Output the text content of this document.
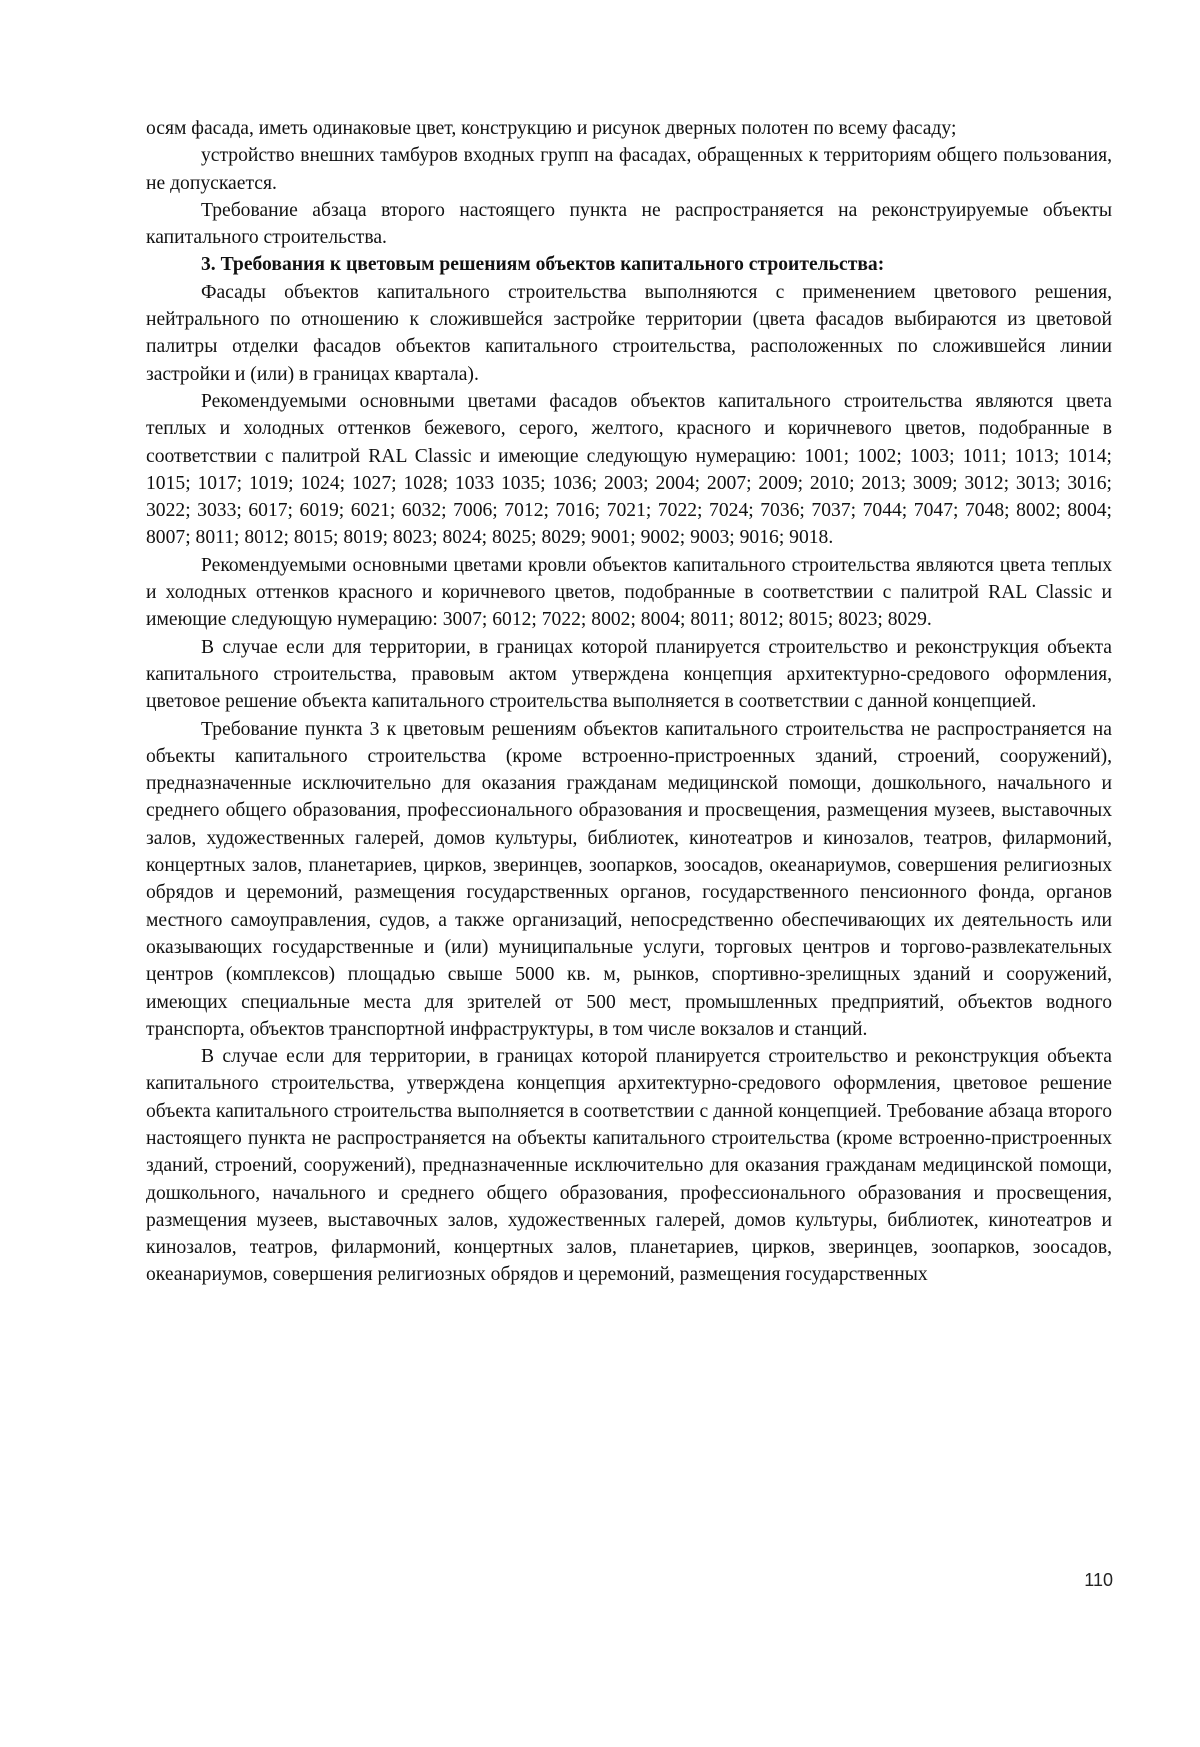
осям фасада, иметь одинаковые цвет, конструкцию и рисунок дверных полотен по всему фасаду;

устройство внешних тамбуров входных групп на фасадах, обращенных к территориям общего пользования, не допускается.

Требование абзаца второго настоящего пункта не распространяется на реконструируемые объекты капитального строительства.

3. Требования к цветовым решениям объектов капитального строительства:

Фасады объектов капитального строительства выполняются с применением цветового решения, нейтрального по отношению к сложившейся застройке территории (цвета фасадов выбираются из цветовой палитры отделки фасадов объектов капитального строительства, расположенных по сложившейся линии застройки и (или) в границах квартала).

Рекомендуемыми основными цветами фасадов объектов капитального строительства являются цвета теплых и холодных оттенков бежевого, серого, желтого, красного и коричневого цветов, подобранные в соответствии с палитрой RAL Classic и имеющие следующую нумерацию: 1001; 1002; 1003; 1011; 1013; 1014; 1015; 1017; 1019; 1024; 1027; 1028; 1033 1035; 1036; 2003; 2004; 2007; 2009; 2010; 2013; 3009; 3012; 3013; 3016; 3022; 3033; 6017; 6019; 6021; 6032; 7006; 7012; 7016; 7021; 7022; 7024; 7036; 7037; 7044; 7047; 7048; 8002; 8004; 8007; 8011; 8012; 8015; 8019; 8023; 8024; 8025; 8029; 9001; 9002; 9003; 9016; 9018.

Рекомендуемыми основными цветами кровли объектов капитального строительства являются цвета теплых и холодных оттенков красного и коричневого цветов, подобранные в соответствии с палитрой RAL Classic и имеющие следующую нумерацию: 3007; 6012; 7022; 8002; 8004; 8011; 8012; 8015; 8023; 8029.

В случае если для территории, в границах которой планируется строительство и реконструкция объекта капитального строительства, правовым актом утверждена концепция архитектурно-средового оформления, цветовое решение объекта капитального строительства выполняется в соответствии с данной концепцией.

Требование пункта 3 к цветовым решениям объектов капитального строительства не распространяется на объекты капитального строительства (кроме встроенно-пристроенных зданий, строений, сооружений), предназначенные исключительно для оказания гражданам медицинской помощи, дошкольного, начального и среднего общего образования, профессионального образования и просвещения, размещения музеев, выставочных залов, художественных галерей, домов культуры, библиотек, кинотеатров и кинозалов, театров, филармоний, концертных залов, планетариев, цирков, зверинцев, зоопарков, зоосадов, океанариумов, совершения религиозных обрядов и церемоний, размещения государственных органов, государственного пенсионного фонда, органов местного самоуправления, судов, а также организаций, непосредственно обеспечивающих их деятельность или оказывающих государственные и (или) муниципальные услуги, торговых центров и торгово-развлекательных центров (комплексов) площадью свыше 5000 кв. м, рынков, спортивно-зрелищных зданий и сооружений, имеющих специальные места для зрителей от 500 мест, промышленных предприятий, объектов водного транспорта, объектов транспортной инфраструктуры, в том числе вокзалов и станций.

В случае если для территории, в границах которой планируется строительство и реконструкция объекта капитального строительства, утверждена концепция архитектурно-средового оформления, цветовое решение объекта капитального строительства выполняется в соответствии с данной концепцией. Требование абзаца второго настоящего пункта не распространяется на объекты капитального строительства (кроме встроенно-пристроенных зданий, строений, сооружений), предназначенные исключительно для оказания гражданам медицинской помощи, дошкольного, начального и среднего общего образования, профессионального образования и просвещения, размещения музеев, выставочных залов, художественных галерей, домов культуры, библиотек, кинотеатров и кинозалов, театров, филармоний, концертных залов, планетариев, цирков, зверинцев, зоопарков, зоосадов, океанариумов, совершения религиозных обрядов и церемоний, размещения государственных

110
